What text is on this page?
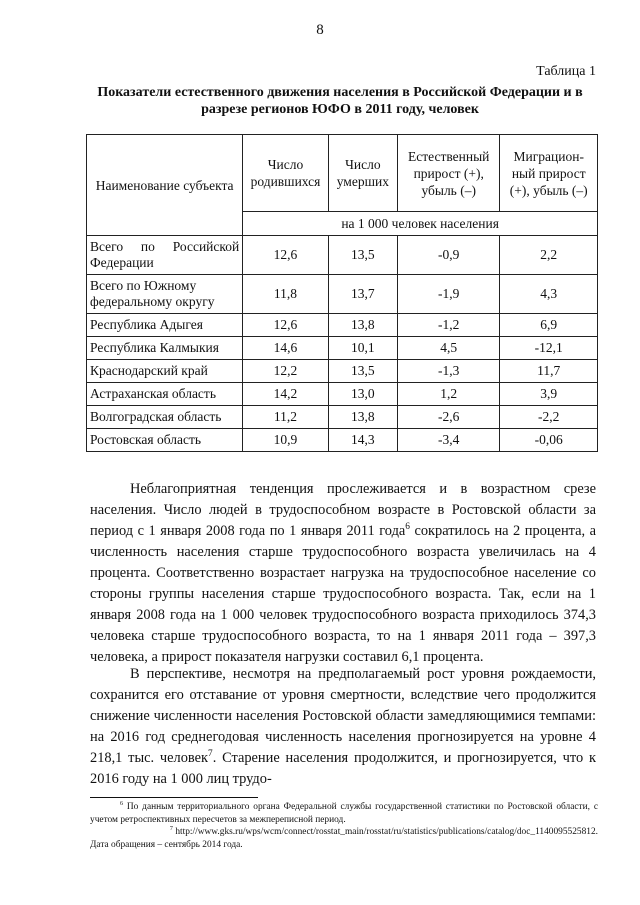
8
Таблица 1
Показатели естественного движения населения в Российской Федерации и в разрезе регионов ЮФО в 2011 году, человек
Наименование субъекта	Число родившихся	Число умерших	Естественный прирост (+), убыль (–)	Миграцион-ный прирост (+), убыль (–)
	на 1 000 человек населения			

Всего по Российской Федерации	12,6	13,5	-0,9	2,2
Всего по Южному федеральному округу	11,8	13,7	-1,9	4,3
Республика Адыгея	12,6	13,8	-1,2	6,9
Республика Калмыкия	14,6	10,1	4,5	-12,1
Краснодарский край	12,2	13,5	-1,3	11,7
Астраханская область	14,2	13,0	1,2	3,9
Волгоградская область	11,2	13,8	-2,6	-2,2
Ростовская область	10,9	14,3	-3,4	-0,06

Неблагоприятная тенденция прослеживается и в возрастном срезе населения. Число людей в трудоспособном возрасте в Ростовской области за период с 1 января 2008 года по 1 января 2011 года$^6$ сократилось на 2 процента, а численность населения старше трудоспособного возраста увеличилась на 4 процента. Соответственно возрастает нагрузка на трудоспособное население со стороны группы населения старше трудоспособного возраста. Так, если на 1 января 2008 года на 1 000 человек трудоспособного возраста приходилось 374,3 человека старше трудоспособного возраста, то на 1 января 2011 года – 397,3 человека, а прирост показателя нагрузки составил 6,1 процента.

В перспективе, несмотря на предполагаемый рост уровня рождаемости, сохранится его отставание от уровня смертности, вследствие чего продолжится снижение численности населения Ростовской области замедляющимися темпами: на 2016 год среднегодовая численность населения прогнозируется на уровне 4 218,1 тыс. человек$^7$. Старение населения продолжится, и прогнозируется, что к 2016 году на 1 000 лиц трудо-

$^6$ По данным территориального органа Федеральной службы государственной статистики по Ростовской области, с учетом ретроспективных пересчетов за межпереписной период.

$^7$ http://www.gks.ru/wps/wcm/connect/rosstat_main/rosstat/ru/statistics/publications/catalog/doc_1140095525812.

Дата обращения – сентябрь 2014 года.
